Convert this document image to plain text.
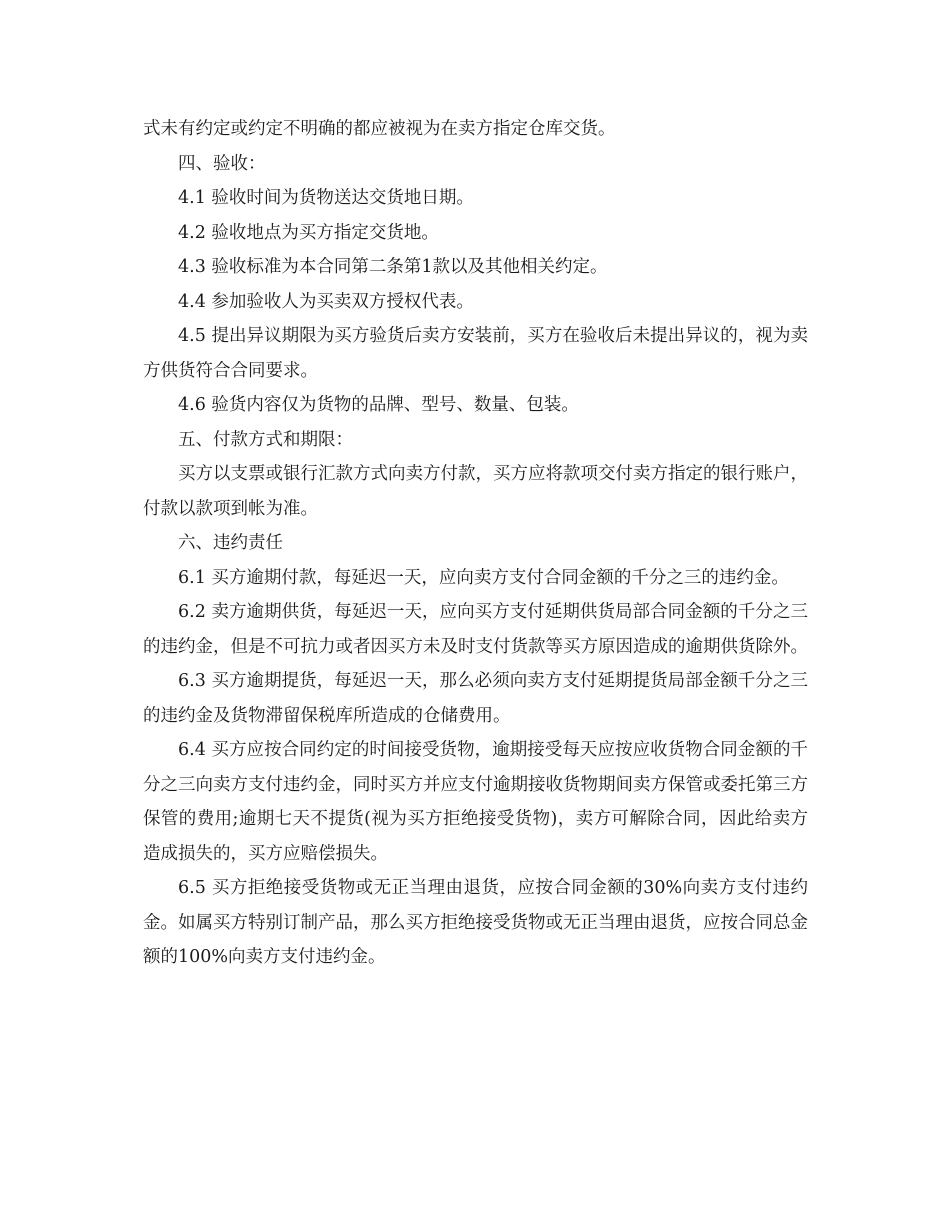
式未有约定或约定不明确的都应被视为在卖方指定仓库交货。

四、验收：

4.1 验收时间为货物送达交货地日期。

4.2 验收地点为买方指定交货地。

4.3 验收标准为本合同第二条第1款以及其他相关约定。

4.4 参加验收人为买卖双方授权代表。

4.5 提出异议期限为买方验货后卖方安装前，买方在验收后未提出异议的，视为卖方供货符合合同要求。

4.6 验货内容仅为货物的品牌、型号、数量、包装。

五、付款方式和期限：

买方以支票或银行汇款方式向卖方付款，买方应将款项交付卖方指定的银行账户，付款以款项到帐为准。

六、违约责任

6.1 买方逾期付款，每延迟一天，应向卖方支付合同金额的千分之三的违约金。

6.2 卖方逾期供货，每延迟一天，应向买方支付延期供货局部合同金额的千分之三的违约金，但是不可抗力或者因买方未及时支付货款等买方原因造成的逾期供货除外。

6.3 买方逾期提货，每延迟一天，那么必须向卖方支付延期提货局部金额千分之三的违约金及货物滞留保税库所造成的仓储费用。

6.4 买方应按合同约定的时间接受货物，逾期接受每天应按应收货物合同金额的千分之三向卖方支付违约金，同时买方并应支付逾期接收货物期间卖方保管或委托第三方保管的费用;逾期七天不提货(视为买方拒绝接受货物)，卖方可解除合同，因此给卖方造成损失的，买方应赔偿损失。

6.5 买方拒绝接受货物或无正当理由退货，应按合同金额的30%向卖方支付违约金。如属买方特别订制产品，那么买方拒绝接受货物或无正当理由退货，应按合同总金额的100%向卖方支付违约金。
